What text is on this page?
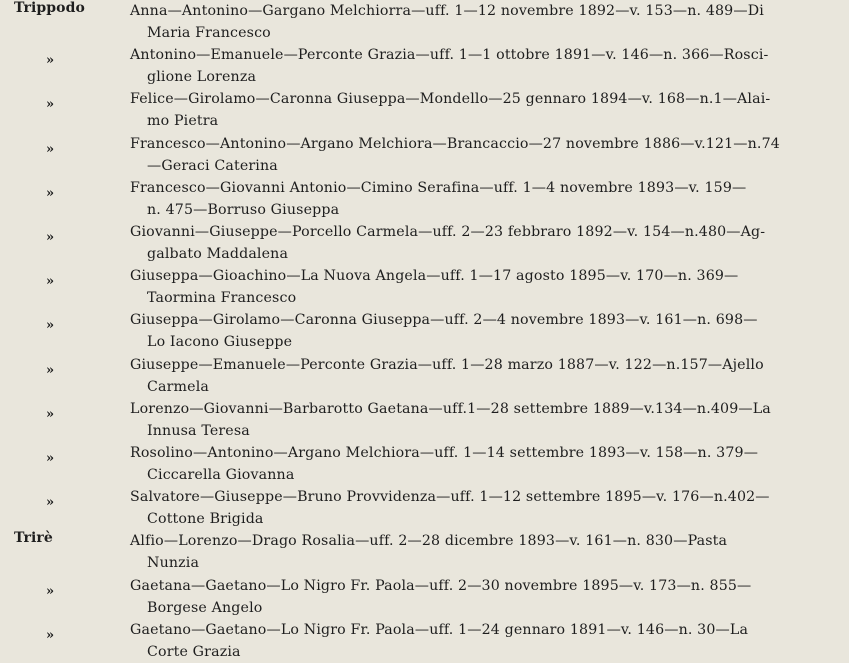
Trippodo	Anna—Antonino—Gargano Melchiorra—uff. 1—12 novembre 1892—v. 153—n. 489—Di
Maria Francesco
»	Antonino—Emanuele—Perconte Grazia—uff. 1—1 ottobre 1891—v. 146—n. 366—Rosci-
glione Lorenza
»	Felice—Girolamo—Caronna Giuseppa—Mondello—25 gennaro 1894—v. 168—n.1—Alai-
mo Pietra
»	Francesco—Antonino—Argano Melchiora—Brancaccio—27 novembre 1886—v.121—n.74
—Geraci Caterina
»	Francesco—Giovanni Antonio—Cimino Serafina—uff. 1—4 novembre 1893—v. 159—
n. 475—Borruso Giuseppa
»	Giovanni—Giuseppe—Porcello Carmela—uff. 2—23 febbraro 1892—v. 154—n.480—Ag-
galbato Maddalena
»	Giuseppa—Gioachino—La Nuova Angela—uff. 1—17 agosto 1895—v. 170—n. 369—
Taormina Francesco
»	Giuseppa—Girolamo—Caronna Giuseppa—uff. 2—4 novembre 1893—v. 161—n. 698—
Lo Iacono Giuseppe
»	Giuseppe—Emanuele—Perconte Grazia—uff. 1—28 marzo 1887—v. 122—n.157—Ajello
Carmela
»	Lorenzo—Giovanni—Barbarotto Gaetana—uff.1—28 settembre 1889—v.134—n.409—La
Innusa Teresa
»	Rosolino—Antonino—Argano Melchiora—uff. 1—14 settembre 1893—v. 158—n. 379—
Ciccarella Giovanna
»	Salvatore—Giuseppe—Bruno Provvidenza—uff. 1—12 settembre 1895—v. 176—n.402—
Cottone Brigida
Trirè	Alfio—Lorenzo—Drago Rosalia—uff. 2—28 dicembre 1893—v. 161—n. 830—Pasta
Nunzia
»	Gaetana—Gaetano—Lo Nigro Fr. Paola—uff. 2—30 novembre 1895—v. 173—n. 855—
Borgese Angelo
»	Gaetano—Gaetano—Lo Nigro Fr. Paola—uff. 1—24 gennaro 1891—v. 146—n. 30—La
Corte Grazia
